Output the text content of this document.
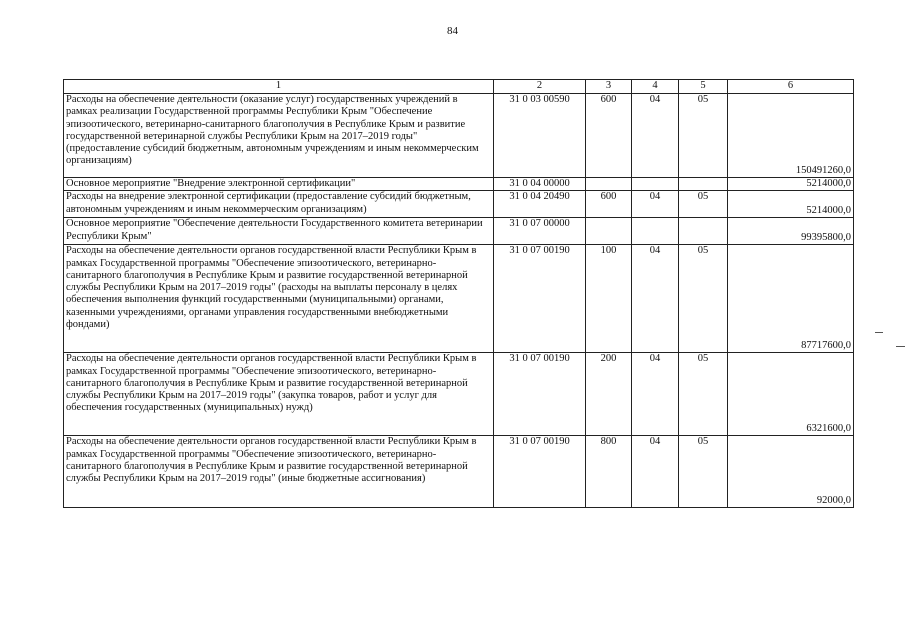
84
1	2	3	4	5	6
Расходы на обеспечение деятельности (оказание услуг) государственных учреждений в рамках реализации Государственной программы Республики Крым "Обеспечение эпизоотического, ветеринарно-санитарного благополучия в Республике Крым и развитие государственной ветеринарной службы Республики Крым на 2017–2019 годы" (предоставление субсидий бюджетным, автономным учреждениям и иным некоммерческим организациям)	31 0 03 00590	600	04	05	150491260,0
Основное мероприятие "Внедрение электронной сертификации"	31 0 04 00000				5214000,0
Расходы на внедрение электронной сертификации (предоставление субсидий бюджетным, автономным учреждениям и иным некоммерческим организациям)	31 0 04 20490	600	04	05	5214000,0
Основное мероприятие "Обеспечение деятельности Государственного комитета ветеринарии Республики Крым"	31 0 07 00000				99395800,0
Расходы на обеспечение деятельности органов государственной власти Республики Крым в рамках Государственной программы "Обеспечение эпизоотического, ветеринарно-санитарного благополучия в Республике Крым и развитие государственной ветеринарной службы Республики Крым на 2017–2019 годы" (расходы на выплаты персоналу в целях обеспечения выполнения функций государственными (муниципальными) органами, казенными учреждениями, органами управления государственными внебюджетными фондами)	31 0 07 00190	100	04	05	87717600,0
Расходы на обеспечение деятельности органов государственной власти Республики Крым в рамках Государственной программы "Обеспечение эпизоотического, ветеринарно-санитарного благополучия в Республике Крым и развитие государственной ветеринарной службы Республики Крым на 2017–2019 годы" (закупка товаров, работ и услуг для обеспечения государственных (муниципальных) нужд)	31 0 07 00190	200	04	05	6321600,0
Расходы на обеспечение деятельности органов государственной власти Республики Крым в рамках Государственной программы "Обеспечение эпизоотического, ветеринарно-санитарного благополучия в Республике Крым и развитие государственной ветеринарной службы Республики Крым на 2017–2019 годы" (иные бюджетные ассигнования)	31 0 07 00190	800	04	05	92000,0
